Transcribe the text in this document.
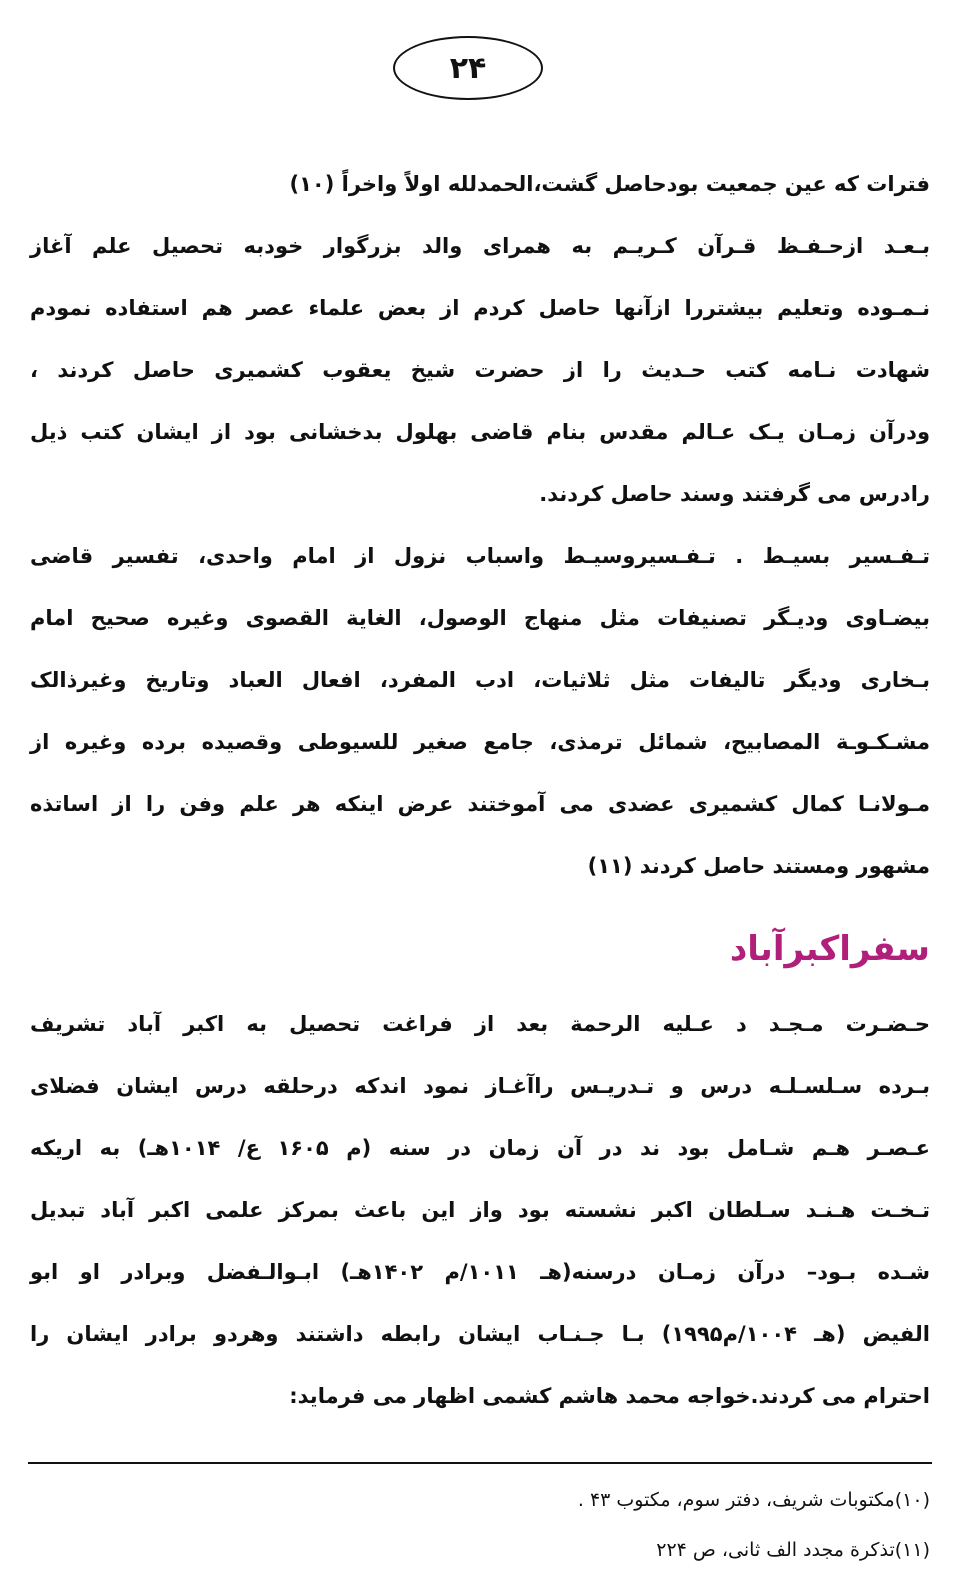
۲۴
فترات که عین جمعیت بودحاصل گشت،الحمدلله اولاً واخراً (۱۰)
بـعـد ازحـفـظ قـرآن کـریـم به همرای والد بزرگوار خودبه تحصیل علم آغاز
نـمـوده وتعلیم بیشتررا ازآنها حاصل کردم از بعض علماء عصر هم استفاده نمودم
شهادت نـامه کتب حـدیث را از حضرت شیخ یعقوب کشمیری حاصل کردند ،
ودرآن زمـان یـک عـالم مقدس بنام قاضی بهلول بدخشانی بود از ایشان کتب ذیل
رادرس می گرفتند وسند حاصل کردند.
تـفـسیر بسیـط . تـفـسیروسیـط واسباب نزول از امام واحدی، تفسیر قاضی
بیضـاوی ودیـگر تصنیفات مثل منهاج الوصول، الغایة القصوی وغیره صحیح امام
بـخاری ودیگر تالیفات مثل ثلاثیات، ادب المفرد، افعال العباد وتاریخ وغیرذالک
مشـکـوـة المصابیح، شمائل ترمذی، جامع صغیر للسیوطی وقصیده برده وغیره از
مـولانـا کمال کشمیری عضدی می آموختند عرض اینکه هر علم وفن را از اساتذه
مشهور ومستند حاصل کردند (۱۱)
سفراکبرآباد
حـضـرت مـجـد د عـلیه الرحمة بعد از فراغت تحصیل به اکبر آباد تشریف
بـرده سـلسـلـه درس و تـدریـس راآغـاز نمود اندکه درحلقه درس ایشان فضلای
عـصـر هـم شـامل بود ند در آن زمان در سنه (م ۱۶۰۵ ع/ ۱۰۱۴هـ) به اریکه
تـخـت هـنـد سـلطان اکبر نشسته بود واز این باعث بمرکز علمی اکبر آباد تبدیل
شـده بـود– درآن زمـان درسنه(هـ ۱۰۱۱/م ۱۴۰۲هـ) ابـوالـفضل وبرادر او ابو
الفیض (هـ ۱۰۰۴/م۱۹۹۵) بـا جـنـاب ایشان رابطه داشتند وهردو برادر ایشان را
احترام می کردند.خواجه محمد هاشم کشمی اظهار می فرماید:
(۱۰)مکتوبات شریف، دفتر سوم، مکتوب ۴۳ .
(۱۱)تذکرة مجدد الف ثانی، ص ۲۲۴
